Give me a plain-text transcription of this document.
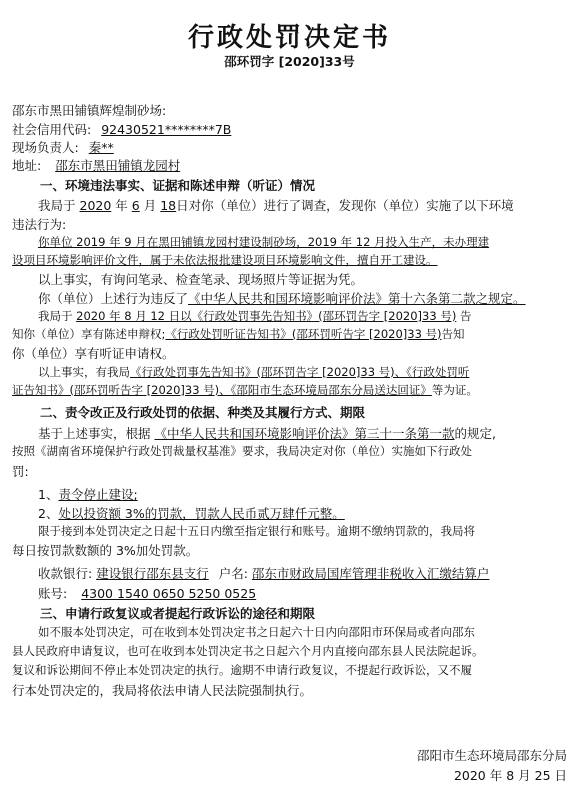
行政处罚决定书
邵环罚字 [2020]33号
邵东市黑田铺镇辉煌制砂场:
社会信用代码: 92430521********7B
现场负责人: 秦**
地址: 邵东市黑田铺镇龙园村
一、环境违法事实、证据和陈述申辩（听证）情况
我局于 2020 年 6 月 18日对你（单位）进行了调查，发现你（单位）实施了以下环境
违法行为:
你单位 2019 年 9 月在黑田铺镇龙园村建设制砂场，2019 年 12 月投入生产，未办理建
设项目环境影响评价文件，属于未依法报批建设项目环境影响文件，擅自开工建设。
以上事实，有询问笔录、检查笔录、现场照片等证据为凭。
你（单位）上述行为违反了《中华人民共和国环境影响评价法》第十六条第二款之规定。
我局于 2020 年 8 月 12 日以《行政处罚事先告知书》(邵环罚告字 [2020]33 号) 告
知你（单位）享有陈述申辩权;《行政处罚听证告知书》(邵环罚听告字 [2020]33 号)告知
你（单位）享有听证申请权。
以上事实，有我局《行政处罚事先告知书》(邵环罚告字 [2020]33 号)、《行政处罚听
证告知书》(邵环罚听告字 [2020]33 号)、《邵阳市生态环境局邵东分局送达回证》等为证。
二、责令改正及行政处罚的依据、种类及其履行方式、期限
基于上述事实，根据 《中华人民共和国环境影响评价法》第三十一条第一款的规定,
按照《湖南省环境保护行政处罚裁量权基准》要求，我局决定对你（单位）实施如下行政处
罚:
1、责令停止建设;
2、处以投资额 3%的罚款，罚款人民币贰万肆仟元整。
限于接到本处罚决定之日起十五日内缴至指定银行和账号。逾期不缴纳罚款的，我局将
每日按罚款数额的 3%加处罚款。
收款银行: 建设银行邵东县支行 户名: 邵东市财政局国库管理非税收入汇缴结算户
账号: 4300 1540 0650 5250 0525
三、申请行政复议或者提起行政诉讼的途径和期限
如不服本处罚决定，可在收到本处罚决定书之日起六十日内向邵阳市环保局或者向邵东
县人民政府申请复议，也可在收到本处罚决定书之日起六个月内直接向邵东县人民法院起诉。
复议和诉讼期间不停止本处罚决定的执行。逾期不申请行政复议，不提起行政诉讼，又不履
行本处罚决定的，我局将依法申请人民法院强制执行。
邵阳市生态环境局邵东分局
2020 年 8 月 25 日
